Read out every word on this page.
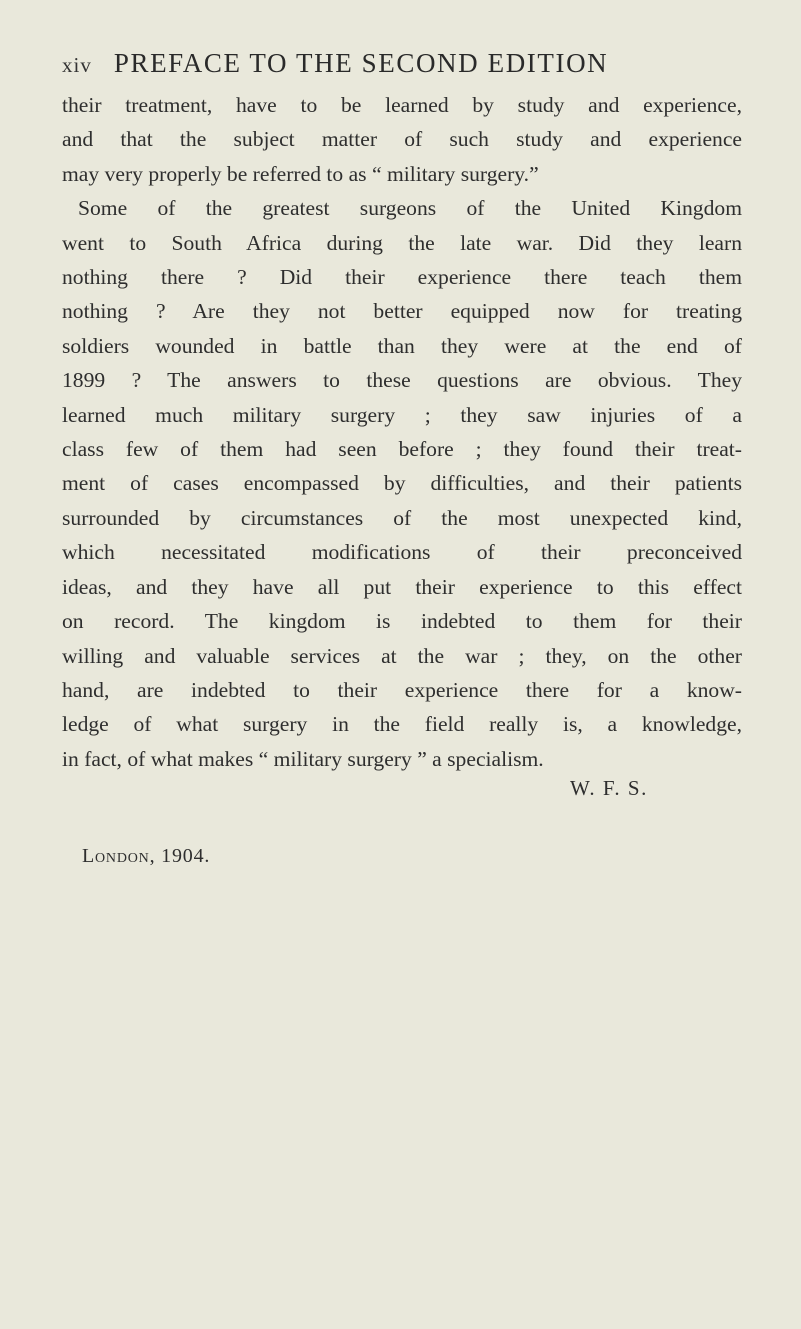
xiv PREFACE TO THE SECOND EDITION
their treatment, have to be learned by study and experience,
and that the subject matter of such study and experience
may very properly be referred to as “ military surgery.”
Some of the greatest surgeons of the United Kingdom
went to South Africa during the late war. Did they learn
nothing there ? Did their experience there teach them
nothing ? Are they not better equipped now for treating
soldiers wounded in battle than they were at the end of
1899 ? The answers to these questions are obvious. They
learned much military surgery ; they saw injuries of a
class few of them had seen before ; they found their treat-
ment of cases encompassed by difficulties, and their patients
surrounded by circumstances of the most unexpected kind,
which necessitated modifications of their preconceived
ideas, and they have all put their experience to this effect
on record. The kingdom is indebted to them for their
willing and valuable services at the war ; they, on the other
hand, are indebted to their experience there for a know-
ledge of what surgery in the field really is, a knowledge,
in fact, of what makes “ military surgery ” a specialism.
W. F. S.
London, 1904.
